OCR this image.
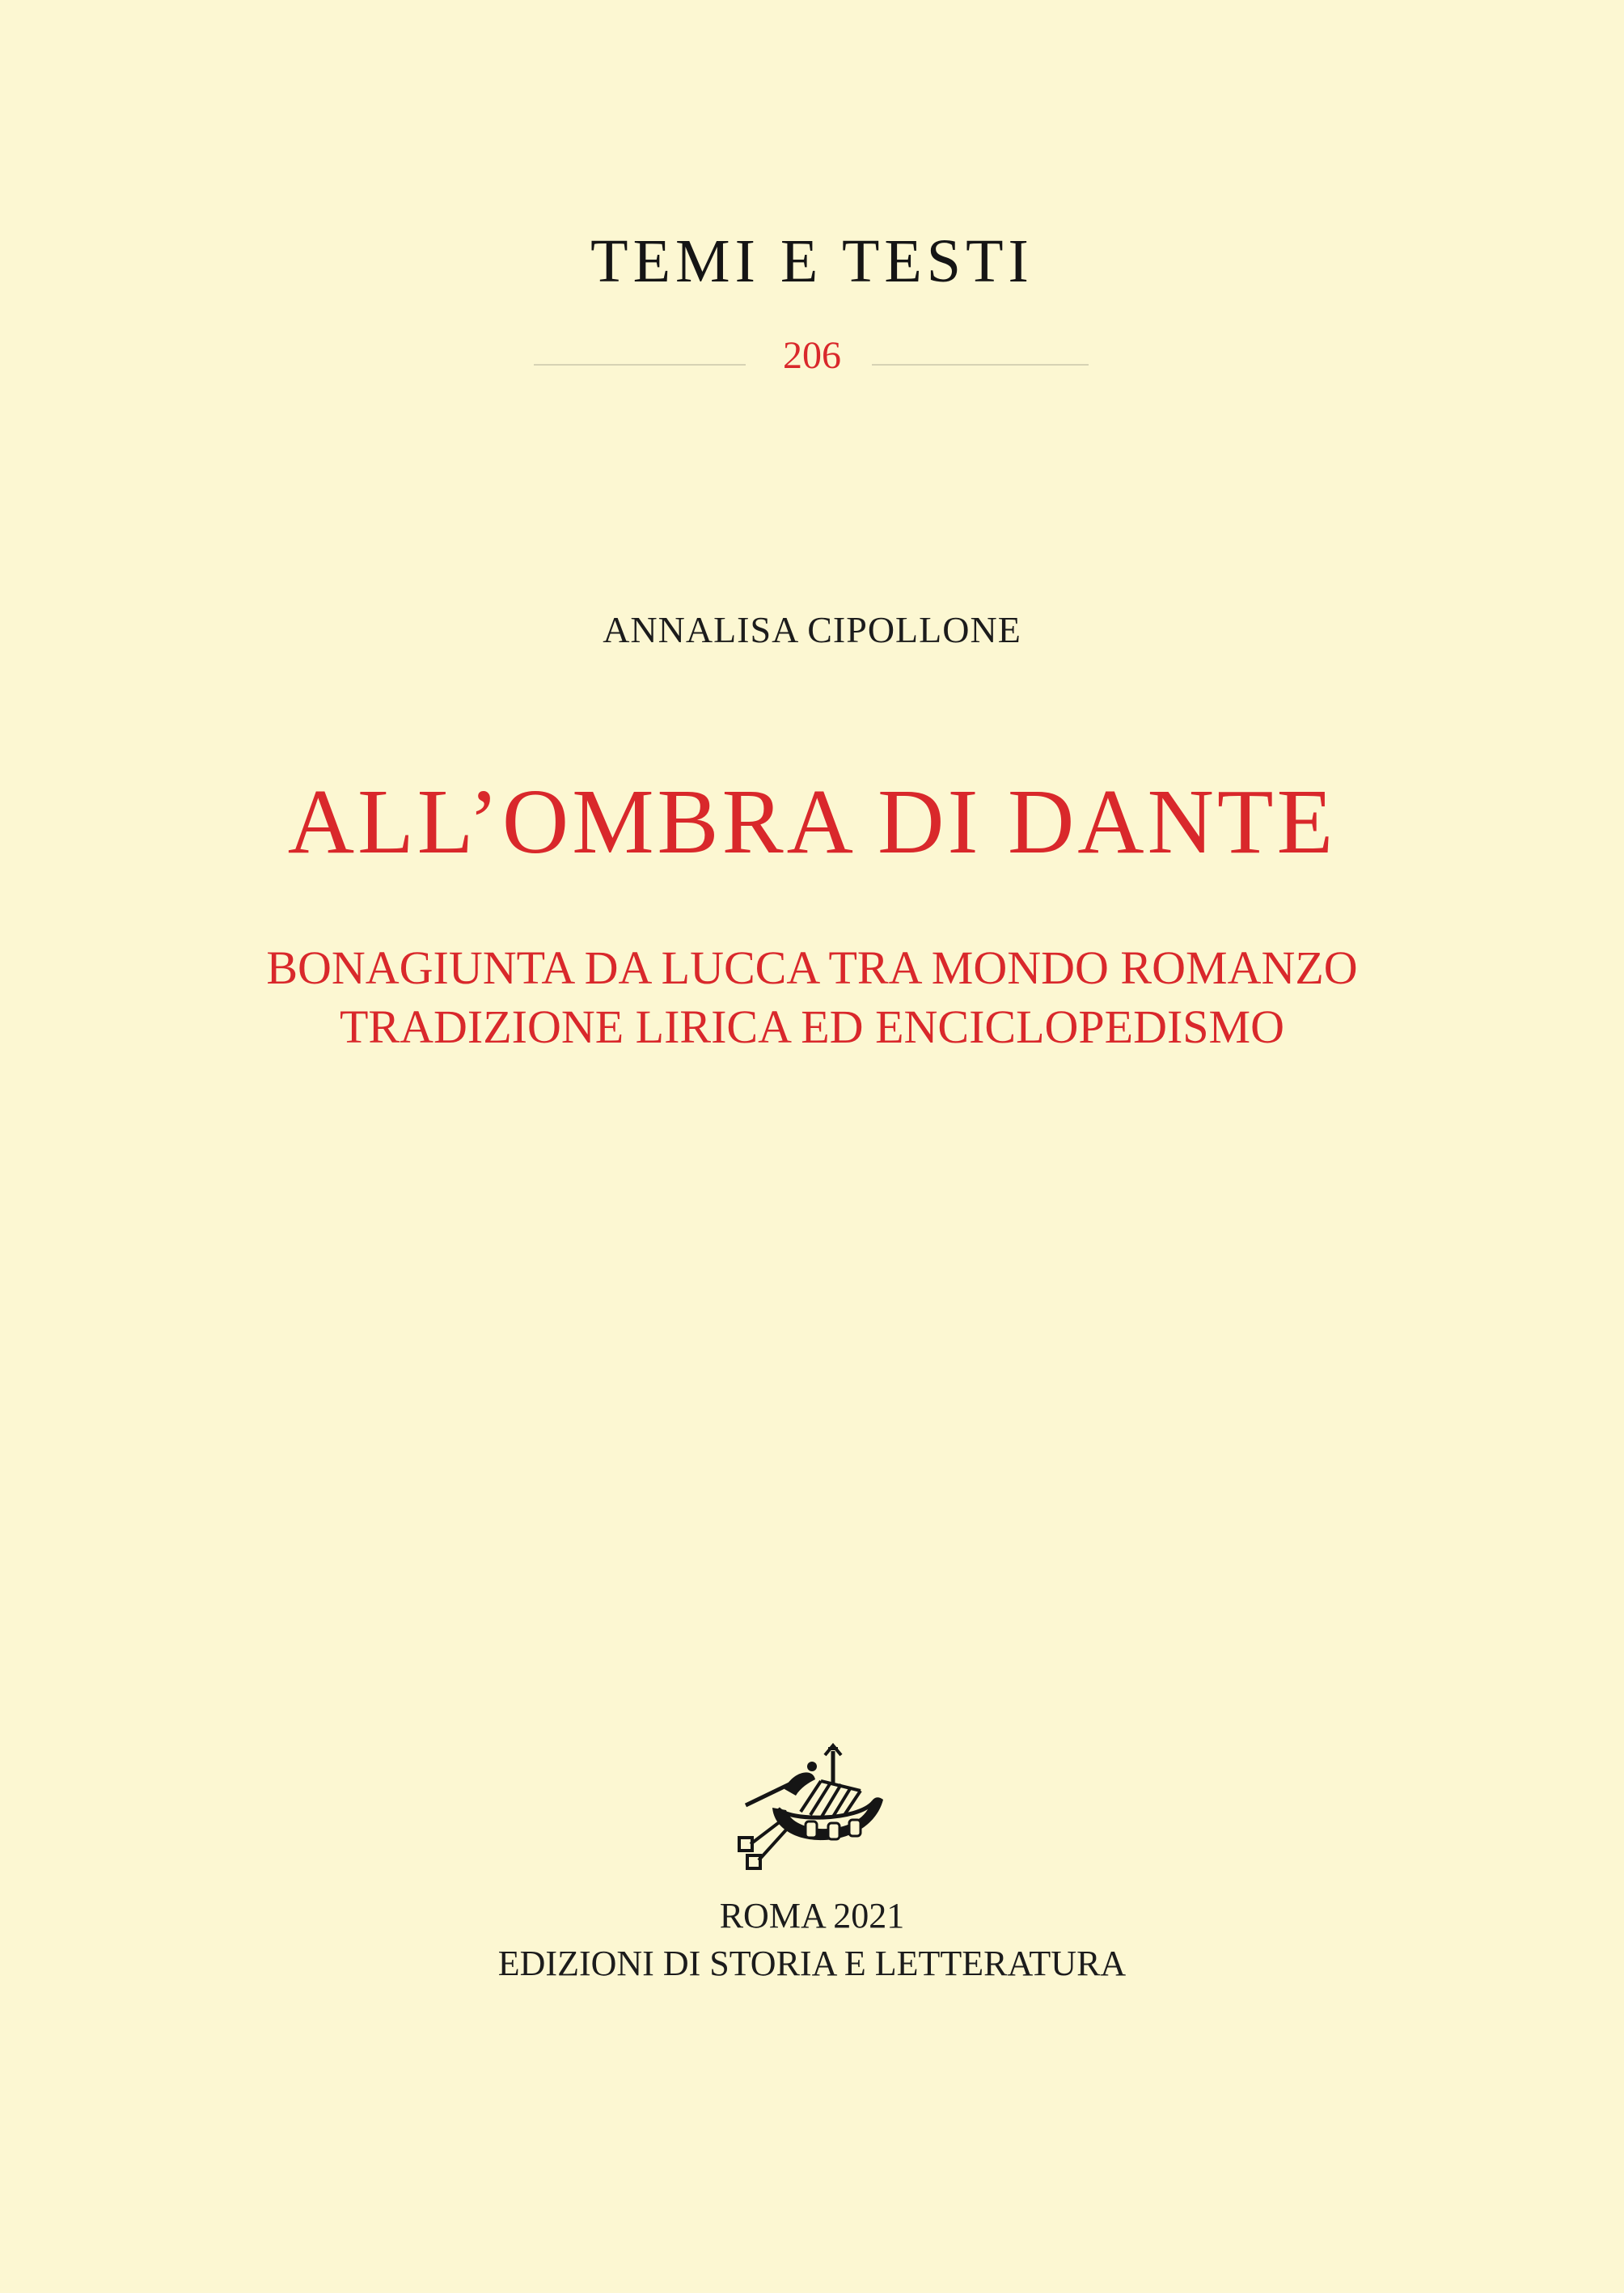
TEMI E TESTI
206
ANNALISA CIPOLLONE
ALL’OMBRA DI DANTE
BONAGIUNTA DA LUCCA TRA MONDO ROMANZO
TRADIZIONE LIRICA ED ENCICLOPEDISMO
ROMA 2021
EDIZIONI DI STORIA E LETTERATURA
